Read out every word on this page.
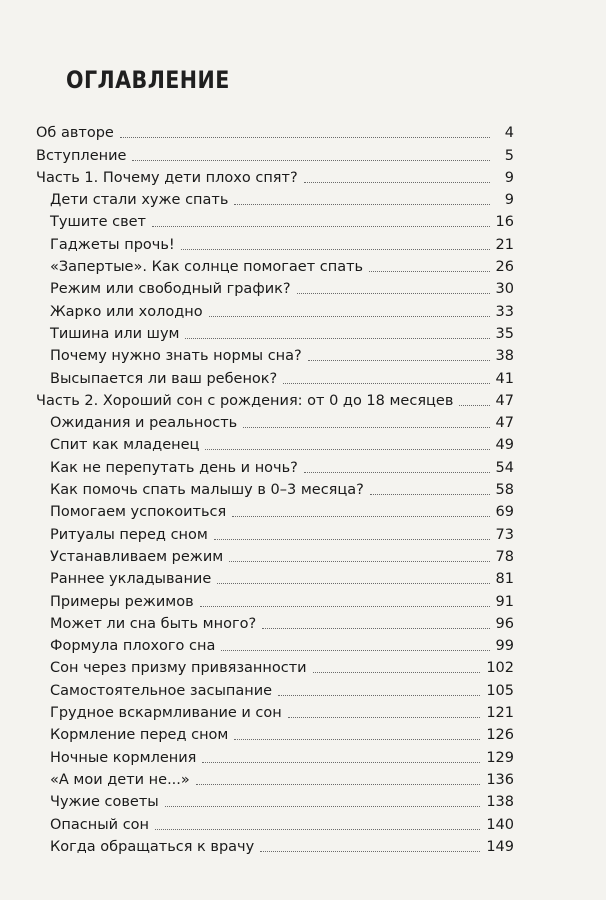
ОГЛАВЛЕНИЕ
Об авторе	4
Вступление	5
Часть 1. Почему дети плохо спят?	9
Дети стали хуже спать	9
Тушите свет	16
Гаджеты прочь!	21
«Запертые». Как солнце помогает спать	26
Режим или свободный график?	30
Жарко или холодно	33
Тишина или шум	35
Почему нужно знать нормы сна?	38
Высыпается ли ваш ребенок?	41
Часть 2. Хороший сон с рождения: от 0 до 18 месяцев	47
Ожидания и реальность	47
Спит как младенец	49
Как не перепутать день и ночь?	54
Как помочь спать малышу в 0–3 месяца?	58
Помогаем успокоиться	69
Ритуалы перед сном	73
Устанавливаем режим	78
Раннее укладывание	81
Примеры режимов	91
Может ли сна быть много?	96
Формула плохого сна	99
Сон через призму привязанности	102
Самостоятельное засыпание	105
Грудное вскармливание и сон	121
Кормление перед сном	126
Ночные кормления	129
«А мои дети не...»	136
Чужие советы	138
Опасный сон	140
Когда обращаться к врачу	149
